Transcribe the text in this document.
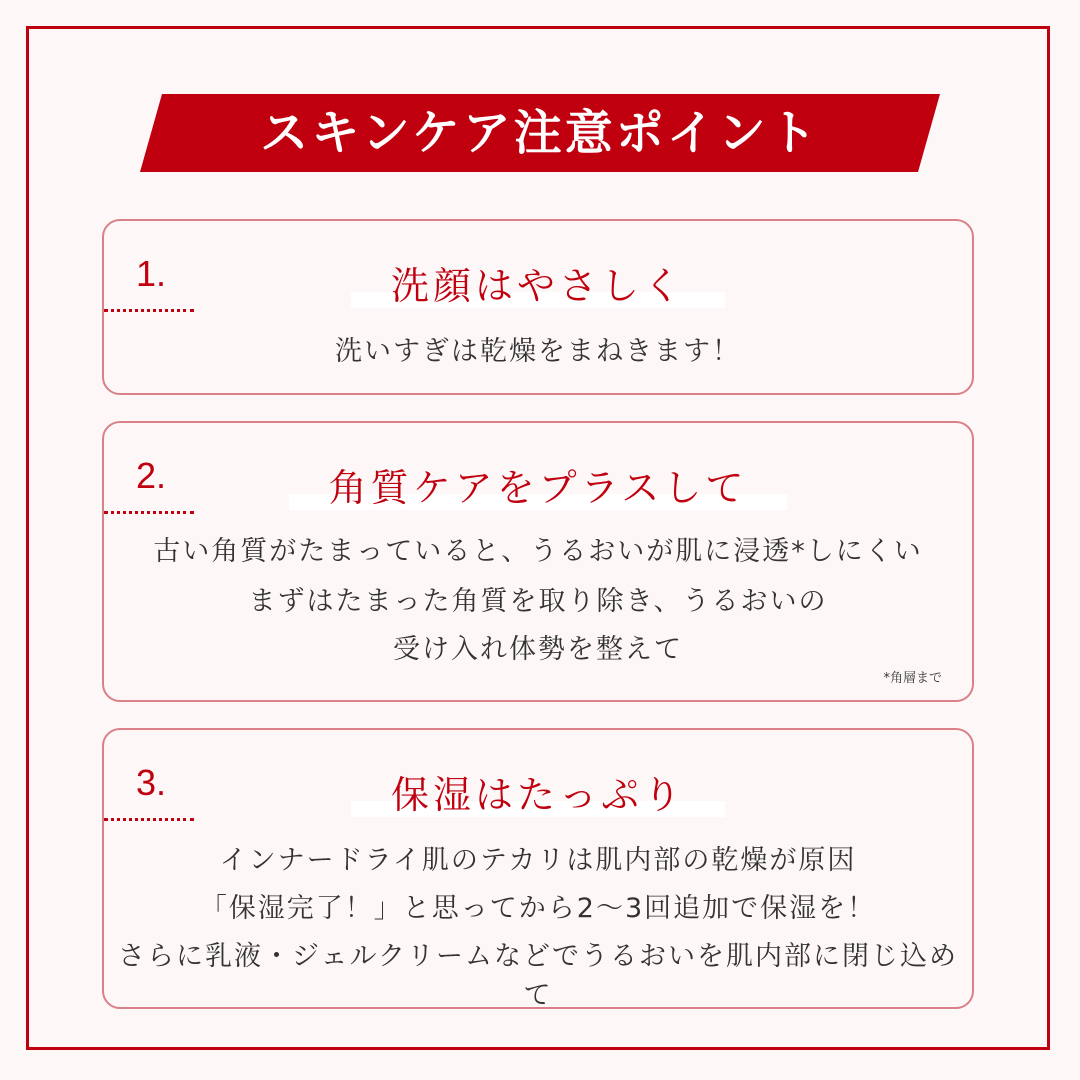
スキンケア注意ポイント
1.	洗顔はやさしく
洗いすぎは乾燥をまねきます！
2.	角質ケアをプラスして
古い角質がたまっていると、うるおいが肌に浸透*しにくい
まずはたまった角質を取り除き、うるおいの
受け入れ体勢を整えて
*角層まで
3.	保湿はたっぷり
インナードライ肌のテカリは肌内部の乾燥が原因
「保湿完了！」と思ってから2〜3回追加で保湿を！
さらに乳液・ジェルクリームなどでうるおいを肌内部に閉じ込めて
